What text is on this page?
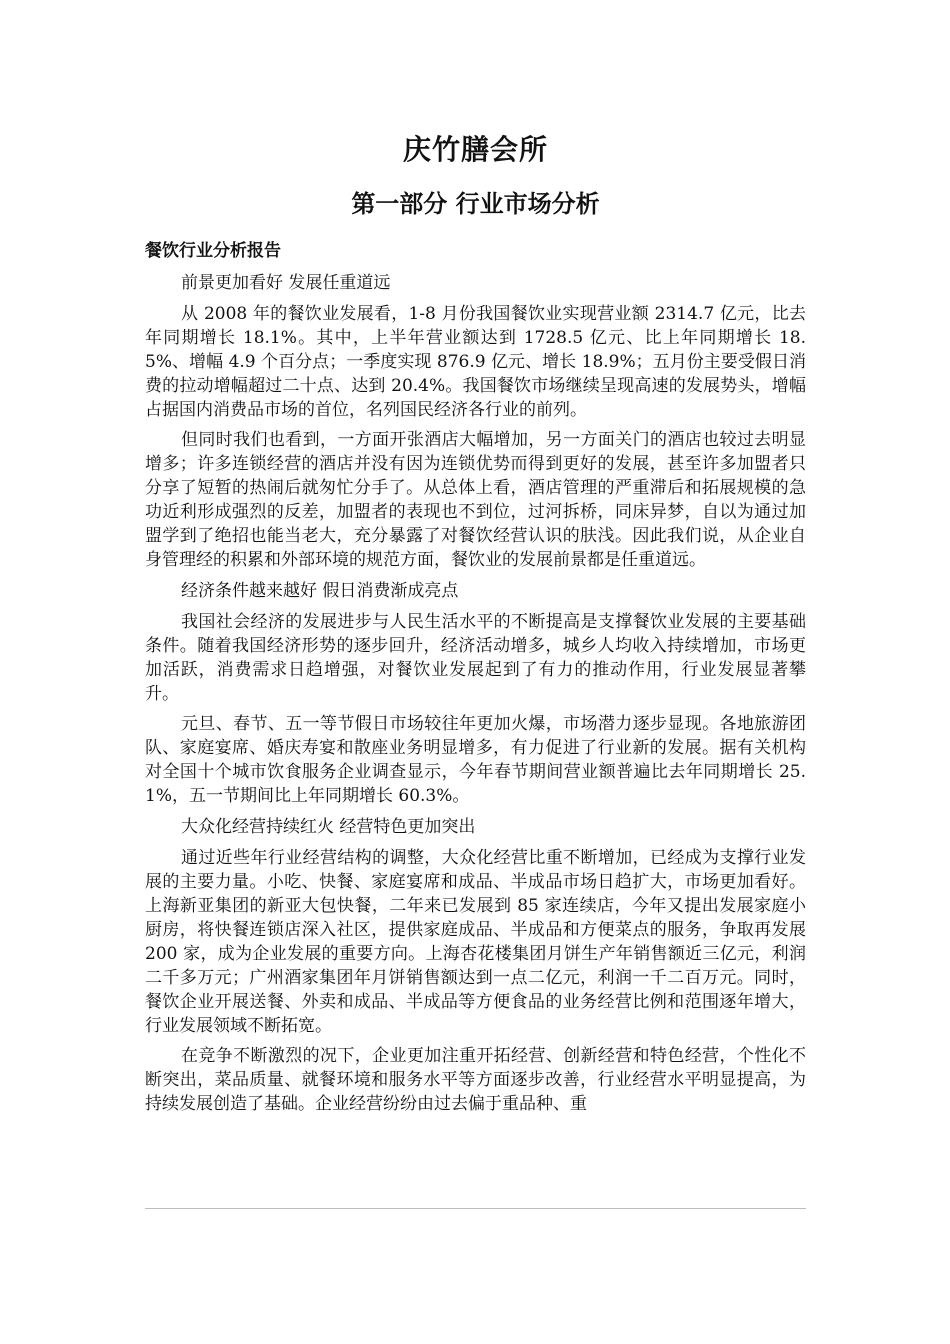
庆竹膳会所
第一部分 行业市场分析
餐饮行业分析报告

前景更加看好 发展任重道远

从 2008 年的餐饮业发展看，1-8 月份我国餐饮业实现营业额 2314.7 亿元，比去年同期增长 18.1%。其中，上半年营业额达到 1728.5 亿元、比上年同期增长 18.5%、增幅 4.9 个百分点；一季度实现 876.9 亿元、增长 18.9%；五月份主要受假日消费的拉动增幅超过二十点、达到 20.4%。我国餐饮市场继续呈现高速的发展势头，增幅占据国内消费品市场的首位，名列国民经济各行业的前列。

但同时我们也看到，一方面开张酒店大幅增加，另一方面关门的酒店也较过去明显增多；许多连锁经营的酒店并没有因为连锁优势而得到更好的发展，甚至许多加盟者只分享了短暂的热闹后就匆忙分手了。从总体上看，酒店管理的严重滞后和拓展规模的急功近利形成强烈的反差，加盟者的表现也不到位，过河拆桥，同床异梦，自以为通过加盟学到了绝招也能当老大，充分暴露了对餐饮经营认识的肤浅。因此我们说，从企业自身管理经的积累和外部环境的规范方面，餐饮业的发展前景都是任重道远。

经济条件越来越好 假日消费渐成亮点

我国社会经济的发展进步与人民生活水平的不断提高是支撑餐饮业发展的主要基础条件。随着我国经济形势的逐步回升，经济活动增多，城乡人均收入持续增加，市场更加活跃，消费需求日趋增强，对餐饮业发展起到了有力的推动作用，行业发展显著攀升。

元旦、春节、五一等节假日市场较往年更加火爆，市场潜力逐步显现。各地旅游团队、家庭宴席、婚庆寿宴和散座业务明显增多，有力促进了行业新的发展。据有关机构对全国十个城市饮食服务企业调查显示，今年春节期间营业额普遍比去年同期增长 25.1%，五一节期间比上年同期增长 60.3%。

大众化经营持续红火 经营特色更加突出

通过近些年行业经营结构的调整，大众化经营比重不断增加，已经成为支撑行业发展的主要力量。小吃、快餐、家庭宴席和成品、半成品市场日趋扩大，市场更加看好。上海新亚集团的新亚大包快餐，二年来已发展到 85 家连续店，今年又提出发展家庭小厨房，将快餐连锁店深入社区，提供家庭成品、半成品和方便菜点的服务，争取再发展 200 家，成为企业发展的重要方向。上海杏花楼集团月饼生产年销售额近三亿元，利润二千多万元；广州酒家集团年月饼销售额达到一点二亿元，利润一千二百万元。同时，餐饮企业开展送餐、外卖和成品、半成品等方便食品的业务经营比例和范围逐年增大，行业发展领域不断拓宽。

在竞争不断激烈的况下，企业更加注重开拓经营、创新经营和特色经营，个性化不断突出，菜品质量、就餐环境和服务水平等方面逐步改善，行业经营水平明显提高，为持续发展创造了基础。企业经营纷纷由过去偏于重品种、重
